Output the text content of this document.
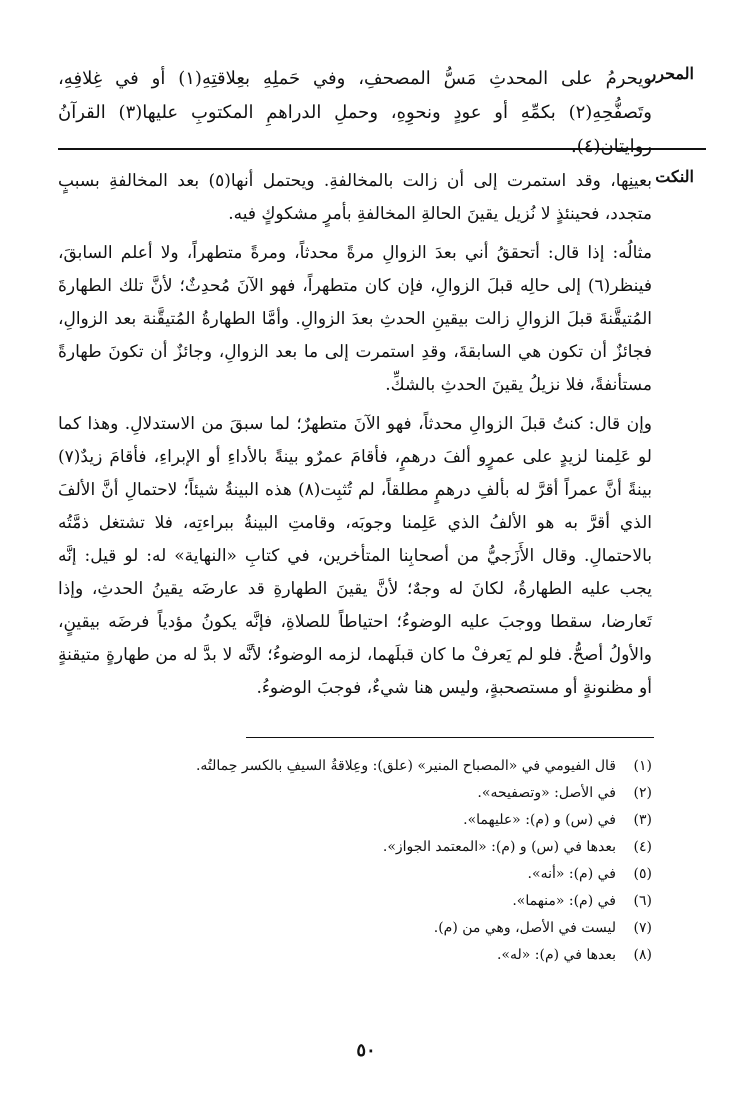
المحرر

ويحرمُ على المحدثِ مَسُّ المصحفِ، وفي حَملِهِ بعِلاقتِهِ(١) أو في غِلافِهِ، وتَصفُّحِهِ(٢) بكمِّهِ أو عودٍ ونحوِهِ، وحملِ الدراهمِ المكتوبِ عليها(٣) القرآنُ روايتان(٤).

النكت

بعينِها، وقد استمرت إلى أن زالت بالمخالفةِ. ويحتمل أنها(٥) بعد المخالفةِ بسببٍ متجدد، فحينئذٍ لا نُزيل يقينَ الحالةِ المخالفةِ بأمرٍ مشكوكٍ فيه.

مثالُه: إذا قال: أتحققُ أني بعدَ الزوالِ مرةً محدثاً، ومرةً متطهراً، ولا أعلم السابقَ، فينظر(٦) إلى حالِه قبلَ الزوالِ، فإن كان متطهراً، فهو الآنَ مُحدِثٌ؛ لأنَّ تلك الطهارةَ المُتيقَّنةَ قبلَ الزوالِ زالت بيقينِ الحدثِ بعدَ الزوالِ. وأمَّا الطهارةُ المُتيقَّنة بعد الزوالِ، فجائزٌ أن تكون هي السابقةَ، وقدِ استمرت إلى ما بعد الزوالِ، وجائزٌ أن تكونَ طهارةً مستأنفةً، فلا نزيلُ يقينَ الحدثِ بالشكِّ.

وإن قال: كنتُ قبلَ الزوالِ محدثاً، فهو الآنَ متطهرٌ؛ لما سبقَ من الاستدلالِ. وهذا كما لو عَلِمنا لزيدٍ على عمرٍو ألفَ درهمٍ، فأقامَ عمرٌو بينةً بالأداءِ أو الإبراءِ، فأقامَ زيدٌ(٧) بينةً أنَّ عمراً أقرَّ له بألفِ درهمٍ مطلقاً، لم تُثبِت(٨) هذه البينةُ شيئاً؛ لاحتمالِ أنَّ الألفَ الذي أقرَّ به هو الألفُ الذي عَلِمنا وجوبَه، وقامتِ البينةُ ببراءتِه، فلا تشتغل ذمَّتُه بالاحتمالِ. وقال الأَزَجيُّ من أصحابِنا المتأخرين، في كتابِ «النهاية» له: لو قيل: إنَّه يجب عليه الطهارةُ، لكانَ له وجهٌ؛ لأنَّ يقينَ الطهارةِ قد عارضَه يقينُ الحدثِ، وإذا تَعارضا، سقطا ووجبَ عليه الوضوءُ؛ احتياطاً للصلاةِ، فإنَّه يكونُ مؤدياً فرضَه بيقينٍ، والأولُ أصحُّ. فلو لم يَعرفْ ما كان قبلَهما، لزمه الوضوءُ؛ لأنَّه لا بدَّ له من طهارةٍ متيقنةٍ أو مظنونةٍ أو مستصحبةٍ، وليس هنا شيءٌ، فوجبَ الوضوءُ.

(١)
قال الفيومي في «المصباح المنير» (علق): وعِلاقةُ السيفِ بالكسر حِمالتُه.
(٢)
في الأصل: «وتصفيحه».
(٣)
في (س) و (م): «عليهما».
(٤)
بعدها في (س) و (م): «المعتمد الجواز».
(٥)
في (م): «أنه».
(٦)
في (م): «منهما».
(٧)
ليست في الأصل، وهي من (م).
(٨)
بعدها في (م): «له».
٥٠
